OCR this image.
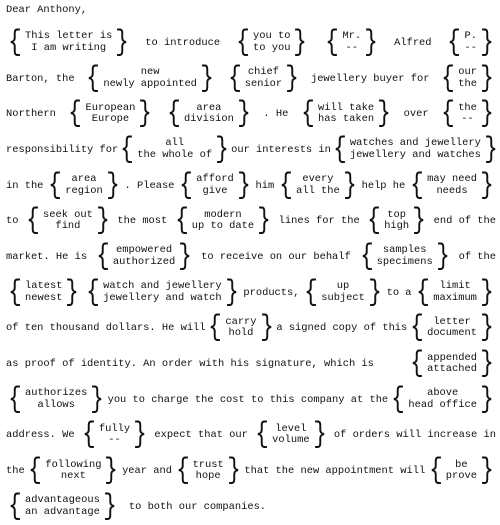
Dear Anthony,
{ This letter is
I am writing } to introduce { you to
to you } { Mr.
-- } Alfred { P.
-- }
Barton, the {	new
newly appointed } { chief
senior } jewellery buyer for { our
the }
Northern { European
Europe } { area
division } . He { will take
has taken } over { the
-- }
responsibility for {	all
the whole of } our interests in { watches and jewellery
jewellery and watches }
in the { area
region } . Please { afford
give } him { every
all the } help he { may need
needs }
to { seek out
find } the most { modern
up to date } lines for the { top
high } end of the
market. He is { empowered
authorized } to receive on our behalf { samples
specimens } of the
{ latest
newest } { watch and jewellery
jewellery and watch } products, { up
subject } to a { limit
maximum }
of ten thousand dollars. He will { carry
hold } a signed copy of this { letter
document }
as proof of identity. An order with his signature, which is { appended
attached }
{ authorizes
allows } you to charge the cost to this company at the { above
head office }
address. We { fully
-- } expect that our { level
volume } of orders will increase in
the { following
next } year and { trust
hope } that the new appointment will { be
prove }
{ advantageous
an advantage } to both our companies.
